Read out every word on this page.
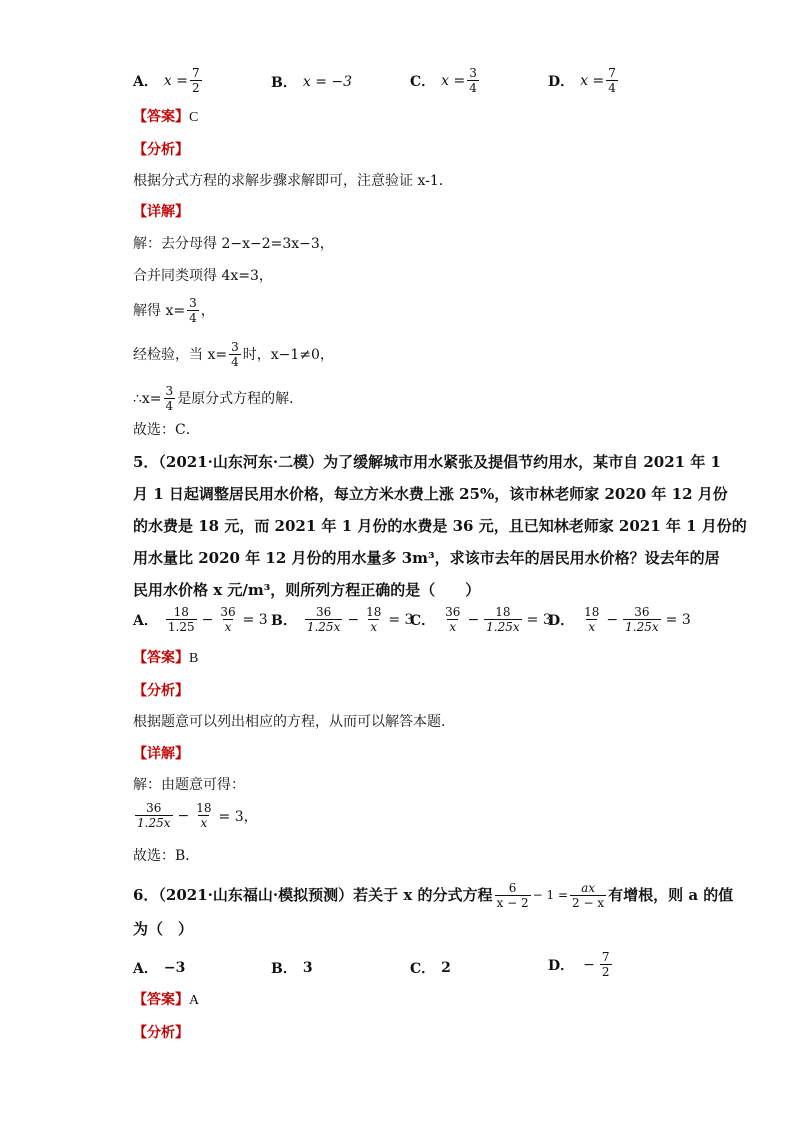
A． $x = \frac{7}{2}$	B． x = −3	C． $x = \frac{3}{4}$	D． $x = \frac{7}{4}$
【答案】C
【分析】
根据分式方程的求解步骤求解即可，注意验证 x-1．
【详解】
解：去分母得 2−x−2=3x−3，
合并同类项得 4x=3，
解得 $x= \frac{3}{4}$ ，
经检验，当 $x= \frac{3}{4}$ 时，x−1≠0，
∴x= $\frac{3}{4}$ 是原分式方程的解．
故选：C．
5．（2021·山东河东·二模）为了缓解城市用水紧张及提倡节约用水，某市自 2021 年 1
月 1 日起调整居民用水价格，每立方米水费上涨 25%，该市林老师家 2020 年 12 月份
的水费是 18 元，而 2021 年 1 月份的水费是 36 元，且已知林老师家 2021 年 1 月份的
用水量比 2020 年 12 月份的用水量多 3m³，求该市去年的居民用水价格？设去年的居
民用水价格 x 元/m³，则所列方程正确的是（　　）
A． $\frac{18}{1.25} - \frac{36}{x} = 3$ B． $\frac{36}{1.25x} - \frac{18}{x} = 3$
C． $\frac{36}{x} - \frac{18}{1.25x} = 3$
D． $\frac{18}{x} - \frac{36}{1.25x} = 3$
【答案】B
【分析】
根据题意可以列出相应的方程，从而可以解答本题．
【详解】
解：由题意可得：
$\frac{36}{1.25x} - \frac{18}{x} = 3$，
故选：B．
6．（2021·山东福山·模拟预测）若关于 x 的分式方程 $\frac{6}{x - 2} - 1 = \frac{ax}{2 - x}$ 有增根，则 a 的值
为（　）
A． −3	B． 3	C． 2	D． − $\frac{7}{2}$
【答案】A
【分析】
